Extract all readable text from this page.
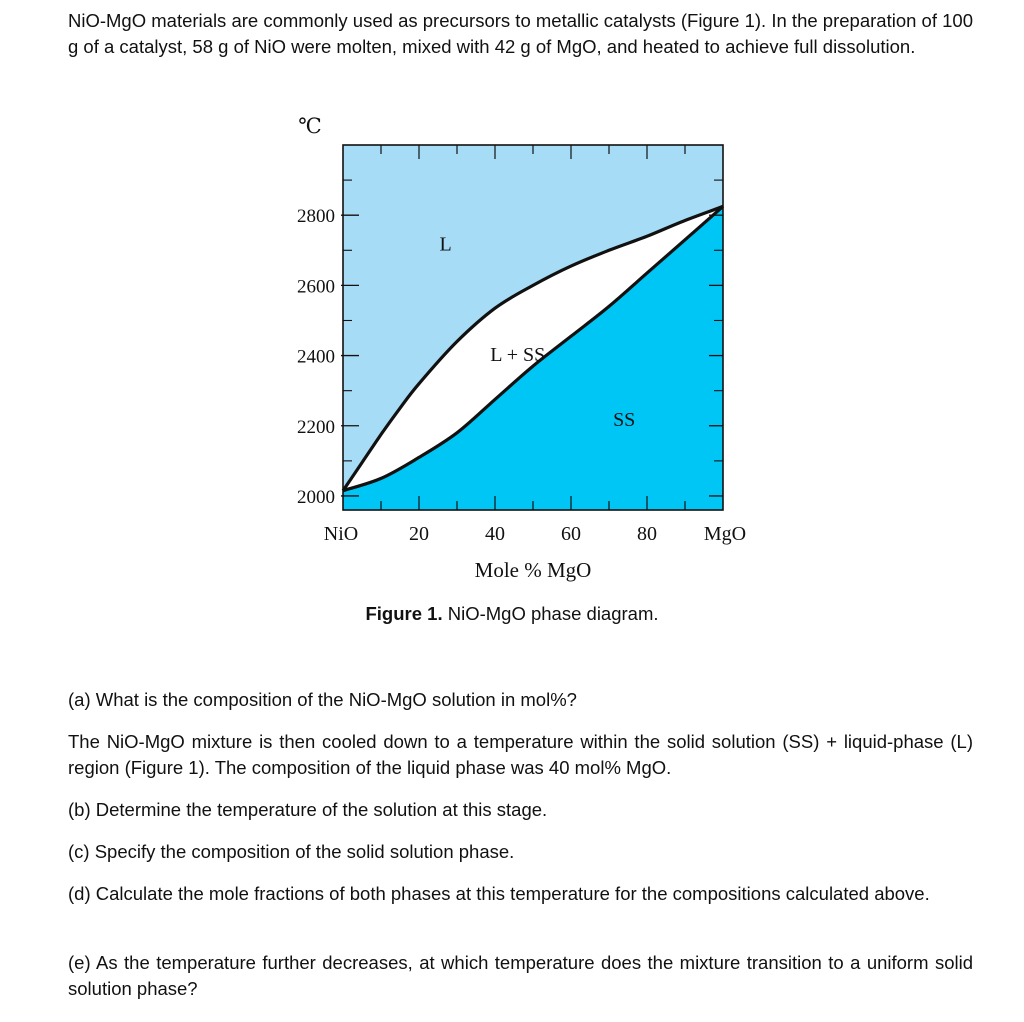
NiO-MgO materials are commonly used as precursors to metallic catalysts (Figure 1). In the preparation of 100 g of a catalyst, 58 g of NiO were molten, mixed with 42 g of MgO, and heated to achieve full dissolution.
2800
2600
2400
2200
2000
NiO	20	40	60	80 MgO
Mole % MgO
℃
L
L + SS
SS
Figure 1. NiO-MgO phase diagram.
(a) What is the composition of the NiO-MgO solution in mol%?
The NiO-MgO mixture is then cooled down to a temperature within the solid solution (SS) + liquid-phase (L) region (Figure 1). The composition of the liquid phase was 40 mol% MgO.
(b) Determine the temperature of the solution at this stage.
(c) Specify the composition of the solid solution phase.
(d) Calculate the mole fractions of both phases at this temperature for the compositions calculated above.
(e) As the temperature further decreases, at which temperature does the mixture transition to a uniform solid solution phase?
